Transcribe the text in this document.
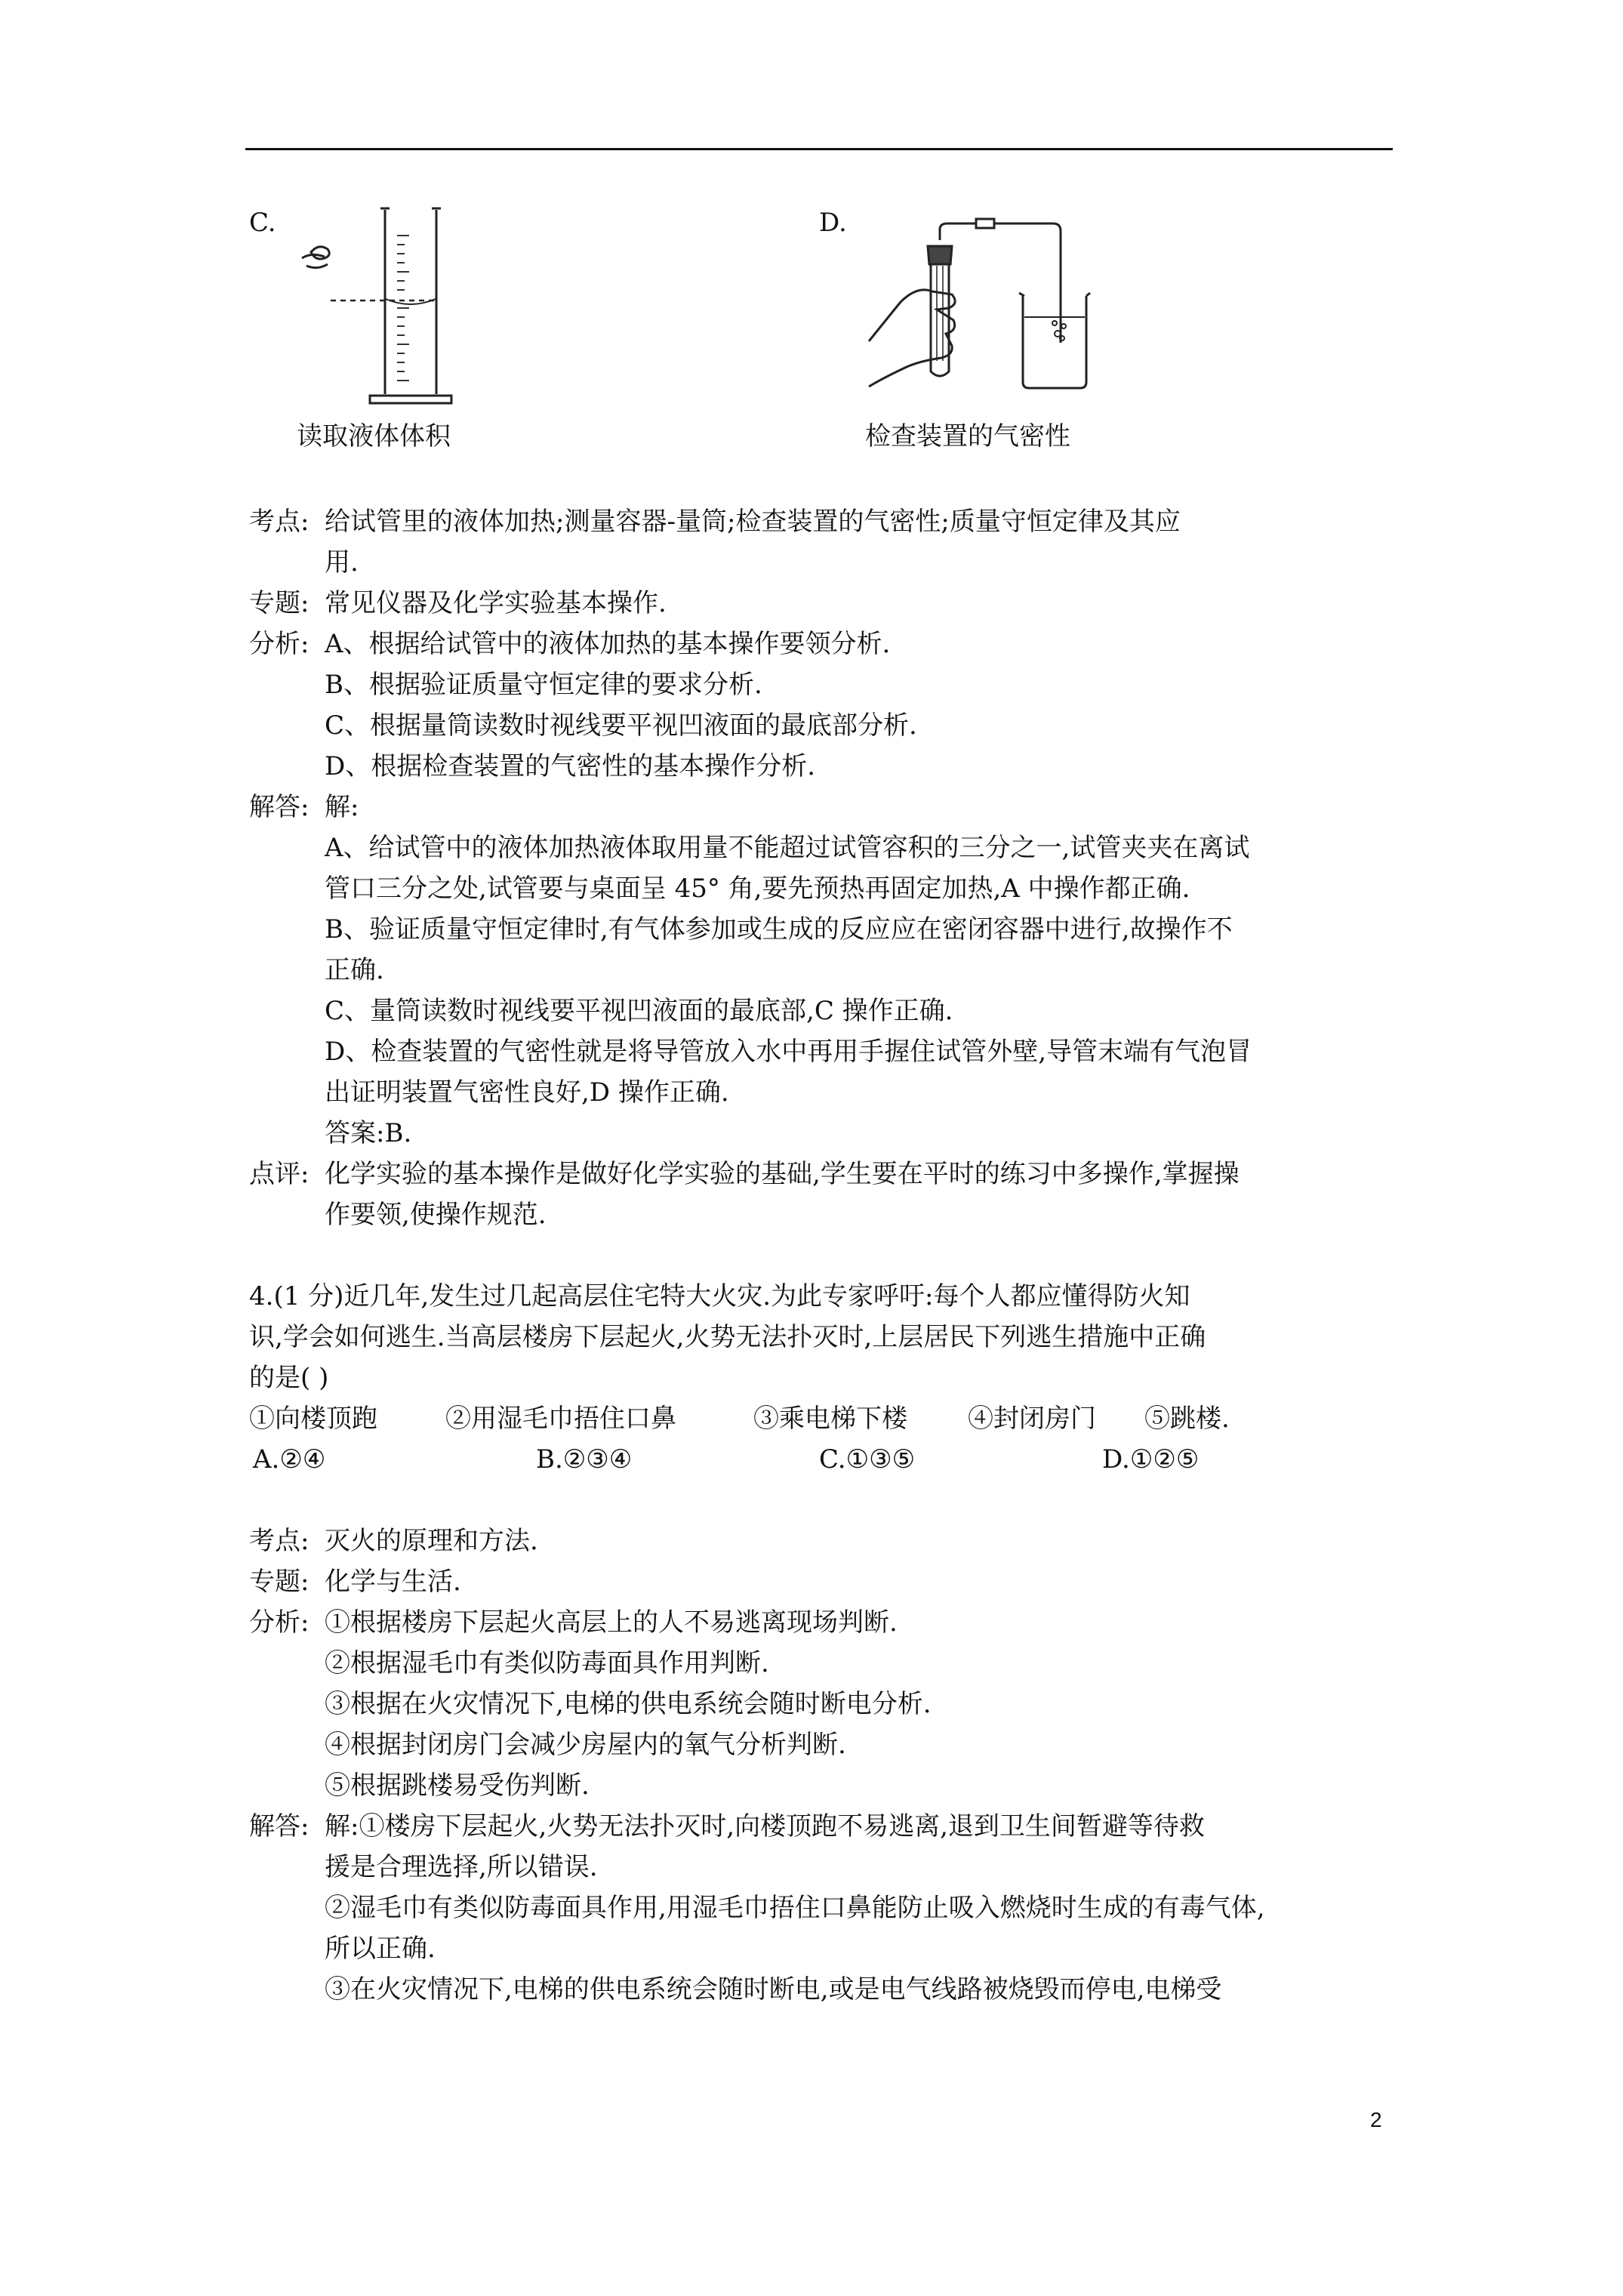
C.	D.
读取液体体积	检查装置的气密性
考点: 给试管里的液体加热;测量容器-量筒;检查装置的气密性;质量守恒定律及其应
用.
专题: 常见仪器及化学实验基本操作.
分析: A、根据给试管中的液体加热的基本操作要领分析.
B、根据验证质量守恒定律的要求分析.
C、根据量筒读数时视线要平视凹液面的最底部分析.
D、根据检查装置的气密性的基本操作分析.
解答: 解:
A、给试管中的液体加热液体取用量不能超过试管容积的三分之一,试管夹夹在离试
管口三分之处,试管要与桌面呈 45° 角,要先预热再固定加热,A 中操作都正确.
B、验证质量守恒定律时,有气体参加或生成的反应应在密闭容器中进行,故操作不
正确.
C、量筒读数时视线要平视凹液面的最底部,C 操作正确.
D、检查装置的气密性就是将导管放入水中再用手握住试管外壁,导管末端有气泡冒
出证明装置气密性良好,D 操作正确.
答案:B.
点评: 化学实验的基本操作是做好化学实验的基础,学生要在平时的练习中多操作,掌握操
作要领,使操作规范.
4.(1 分)近几年,发生过几起高层住宅特大火灾.为此专家呼吁:每个人都应懂得防火知
识,学会如何逃生.当高层楼房下层起火,火势无法扑灭时,上层居民下列逃生措施中正确
的是( )
①向楼顶跑	②用湿毛巾捂住口鼻	③乘电梯下楼 ④封闭房门 ⑤跳楼.
A.②④	B.②③④	C.①③⑤	D.①②⑤
考点: 灭火的原理和方法.
专题: 化学与生活.
分析: ①根据楼房下层起火高层上的人不易逃离现场判断.
②根据湿毛巾有类似防毒面具作用判断.
③根据在火灾情况下,电梯的供电系统会随时断电分析.
④根据封闭房门会减少房屋内的氧气分析判断.
⑤根据跳楼易受伤判断.
解答: 解:①楼房下层起火,火势无法扑灭时,向楼顶跑不易逃离,退到卫生间暂避等待救
援是合理选择,所以错误.
②湿毛巾有类似防毒面具作用,用湿毛巾捂住口鼻能防止吸入燃烧时生成的有毒气体,
所以正确.
③在火灾情况下,电梯的供电系统会随时断电,或是电气线路被烧毁而停电,电梯受
2
